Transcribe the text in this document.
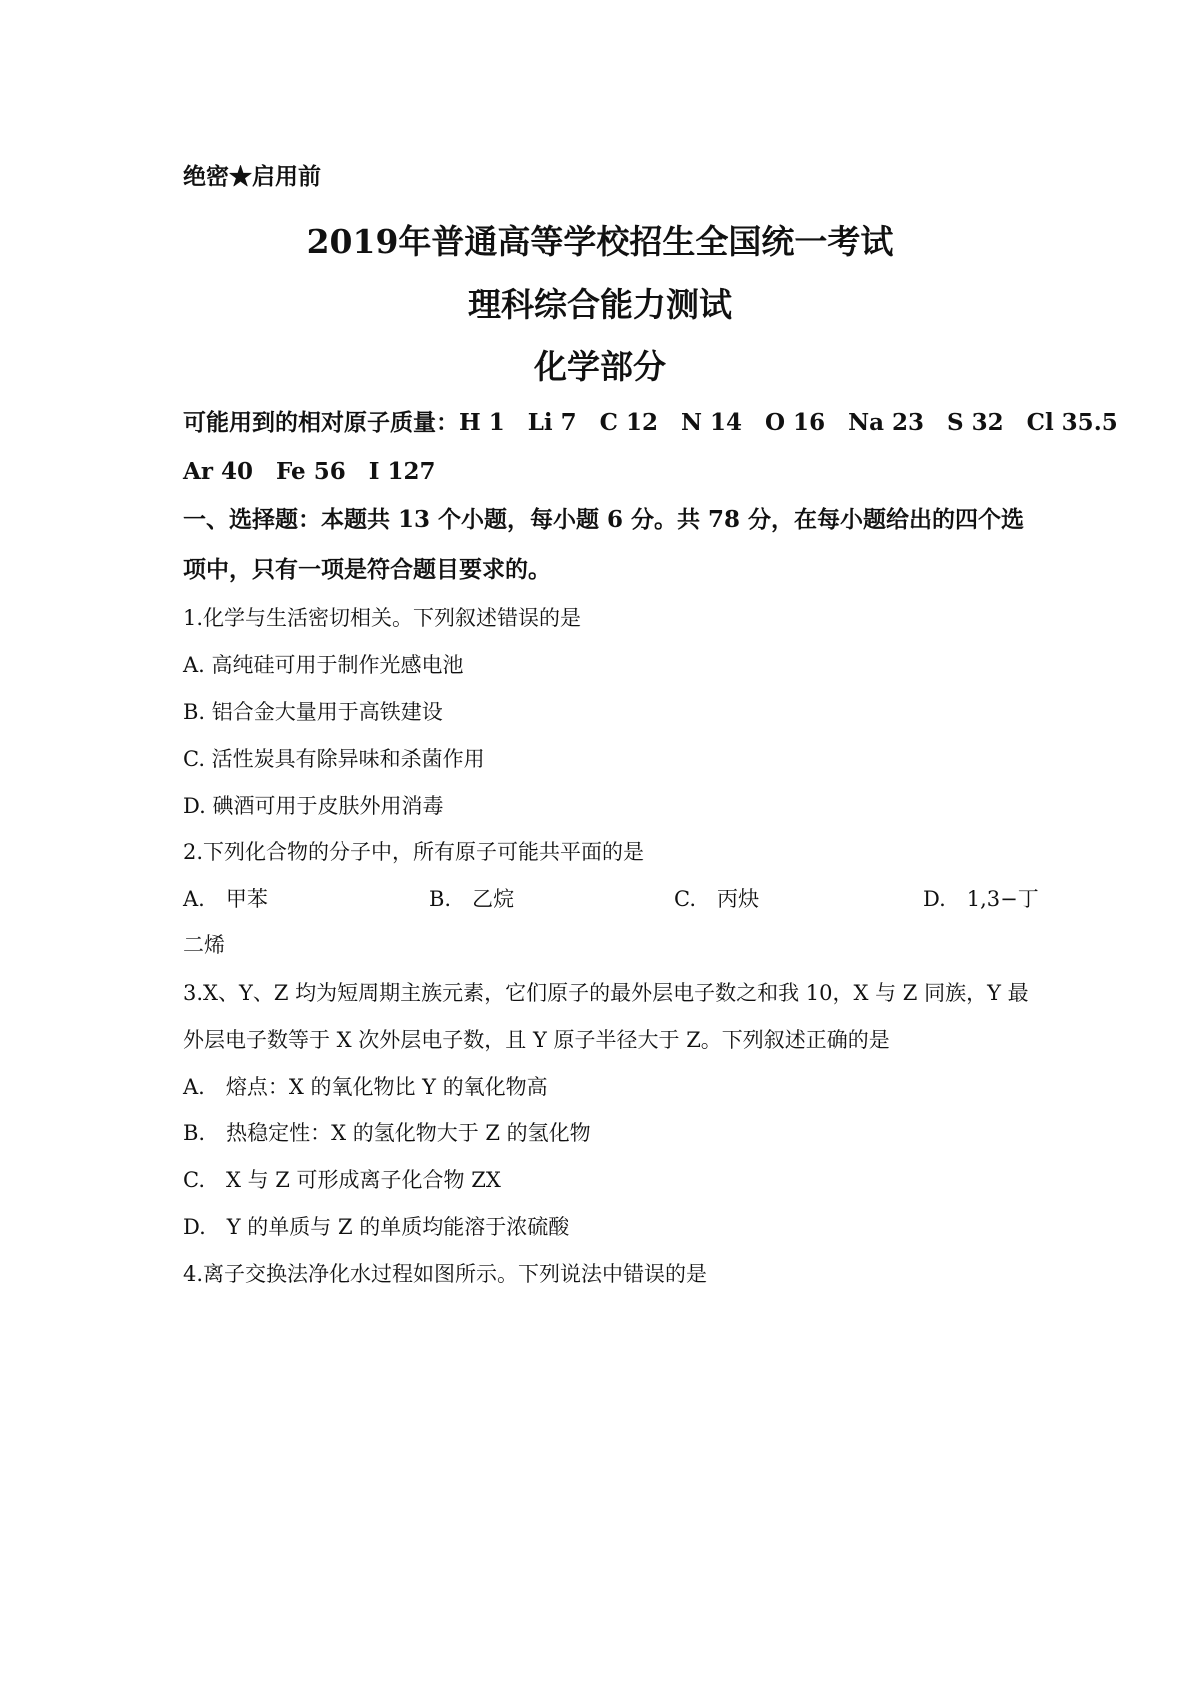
绝密★启用前
2019年普通高等学校招生全国统一考试
理科综合能力测试
化学部分
可能用到的相对原子质量：H 1　Li 7　C 12　N 14　O 16　Na 23　S 32　Cl 35.5
Ar 40　Fe 56　I 127
一、选择题：本题共 13 个小题，每小题 6 分。共 78 分，在每小题给出的四个选
项中，只有一项是符合题目要求的。
1.化学与生活密切相关。下列叙述错误的是
A. 高纯硅可用于制作光感电池
B. 铝合金大量用于高铁建设
C. 活性炭具有除异味和杀菌作用
D. 碘酒可用于皮肤外用消毒
2.下列化合物的分子中，所有原子可能共平面的是
A.　甲苯	B.　乙烷	C.　丙炔	D.　1,3−丁
二烯
3.X、Y、Z 均为短周期主族元素，它们原子的最外层电子数之和我 10，X 与 Z 同族，Y 最
外层电子数等于 X 次外层电子数，且 Y 原子半径大于 Z。下列叙述正确的是
A.　熔点：X 的氧化物比 Y 的氧化物高
B.　热稳定性：X 的氢化物大于 Z 的氢化物
C.　X 与 Z 可形成离子化合物 ZX
D.　Y 的单质与 Z 的单质均能溶于浓硫酸
4.离子交换法净化水过程如图所示。下列说法中错误的是
